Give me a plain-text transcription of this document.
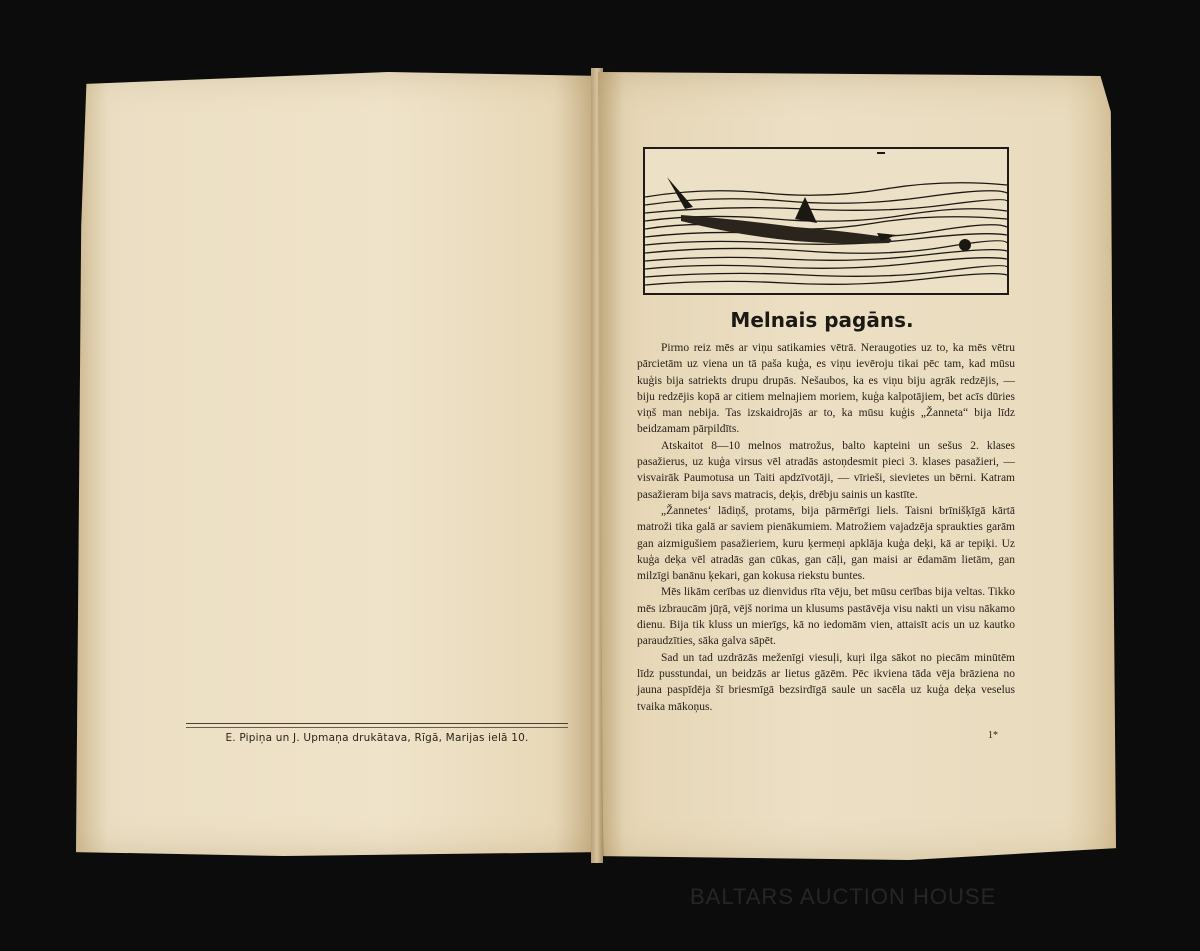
E. Pipiņa un J. Upmaņa drukātava, Rīgā, Marijas ielā 10.
Melnais pagāns.

Pirmo reiz mēs ar viņu satikamies vētrā. Neraugoties uz to, ka mēs vētru pārcietām uz viena un tā paša kuģa, es viņu ievēroju tikai pēc tam, kad mūsu kuģis bija satriekts drupu drupās. Nešaubos, ka es viņu biju agrāk redzējis, — biju redzējis kopā ar citiem melnajiem moriem, kuģa kalpotājiem, bet acīs dūries viņš man nebija. Tas izskaidrojās ar to, ka mūsu kuģis „Žanneta“ bija līdz beidzamam pārpildīts.

Atskaitot 8—10 melnos matrožus, balto kapteini un sešus 2. klases pasažierus, uz kuģa virsus vēl atradās astoņdesmit pieci 3. klases pasažieri, — visvairāk Paumotusa un Taiti apdzīvotāji, — vīrieši, sievietes un bērni. Katram pasažieram bija savs matracis, deķis, drēbju sainis un kastīte.

„Žannetes‘ lādiņš, protams, bija pārmērīgi liels. Taisni brīnišķīgā kārtā matroži tika galā ar saviem pienākumiem. Matrožiem vajadzēja spraukties garām gan aizmigušiem pasažieriem, kuru ķermeņi apklāja kuģa deķi, kā ar tepiķi. Uz kuģa deķa vēl atradās gan cūkas, gan cāļi, gan maisi ar ēdamām lietām, gan milzīgi banānu ķekari, gan kokusa riekstu buntes.

Mēs likām cerības uz dienvidus rīta vēju, bet mūsu cerības bija veltas. Tikko mēs izbraucām jūŗā, vējš norima un klusums pastāvēja visu nakti un visu nākamo dienu. Bija tik kluss un mierīgs, kā no iedomām vien, attaisīt acis un uz kautko paraudzīties, sāka galva sāpēt.

Sad un tad uzdrāzās meženīgi viesuļi, kuŗi ilga sākot no piecām minūtēm līdz pusstundai, un beidzās ar lietus gāzēm. Pēc ikviena tāda vēja brāziena no jauna paspīdēja šī briesmīgā bezsirdīgā saule un sacēla uz kuģa deķa veselus tvaika mākoņus.

1*
BALTARS AUCTION HOUSE
